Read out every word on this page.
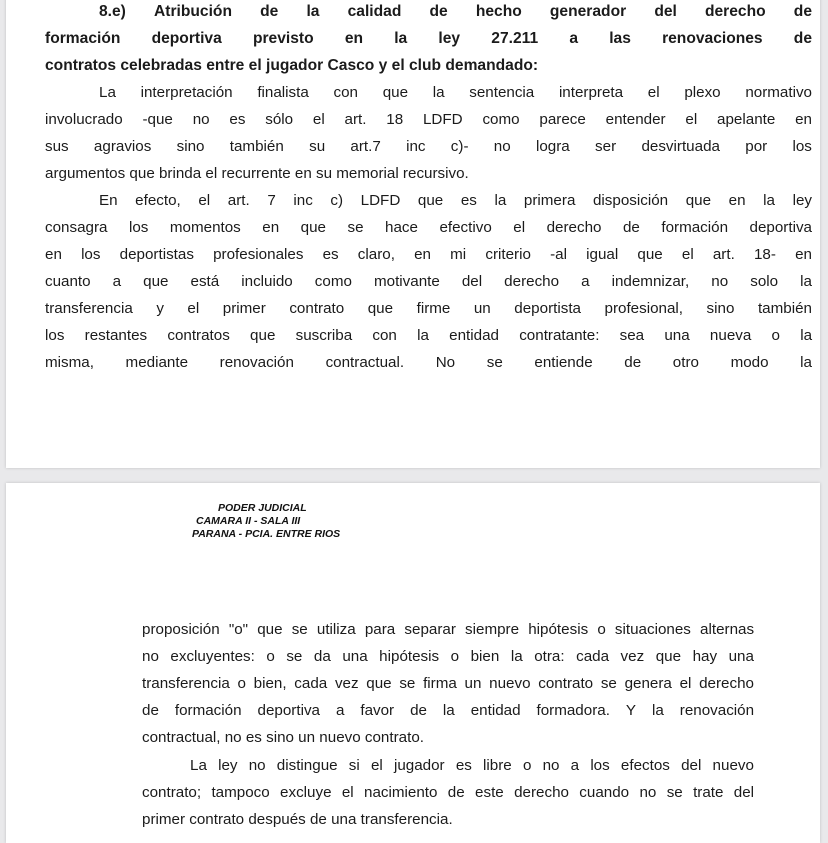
8.e) Atribución de la calidad de hecho generador del derecho de
formación deportiva previsto en la ley 27.211 a las renovaciones de
contratos celebradas entre el jugador Casco y el club demandado:
La interpretación finalista con que la sentencia interpreta el plexo normativo
involucrado -que no es sólo el art. 18 LDFD como parece entender el apelante en
sus agravios sino también su art.7 inc c)- no logra ser desvirtuada por los
argumentos que brinda el recurrente en su memorial recursivo.
En efecto, el art. 7 inc c) LDFD que es la primera disposición que en la ley
consagra los momentos en que se hace efectivo el derecho de formación deportiva
en los deportistas profesionales es claro, en mi criterio -al igual que el art. 18- en
cuanto a que está incluido como motivante del derecho a indemnizar, no solo la
transferencia y el primer contrato que firme un deportista profesional, sino también
los restantes contratos que suscriba con la entidad contratante: sea una nueva o la
misma, mediante renovación contractual. No se entiende de otro modo la
PODER JUDICIAL
CAMARA II - SALA III
PARANA - PCIA. ENTRE RIOS
proposición "o" que se utiliza para separar siempre hipótesis o situaciones alternas
no excluyentes: o se da una hipótesis o bien la otra: cada vez que hay una
transferencia o bien, cada vez que se firma un nuevo contrato se genera el derecho
de formación deportiva a favor de la entidad formadora. Y la renovación
contractual, no es sino un nuevo contrato.
La ley no distingue si el jugador es libre o no a los efectos del nuevo
contrato; tampoco excluye el nacimiento de este derecho cuando no se trate del
primer contrato después de una transferencia.
